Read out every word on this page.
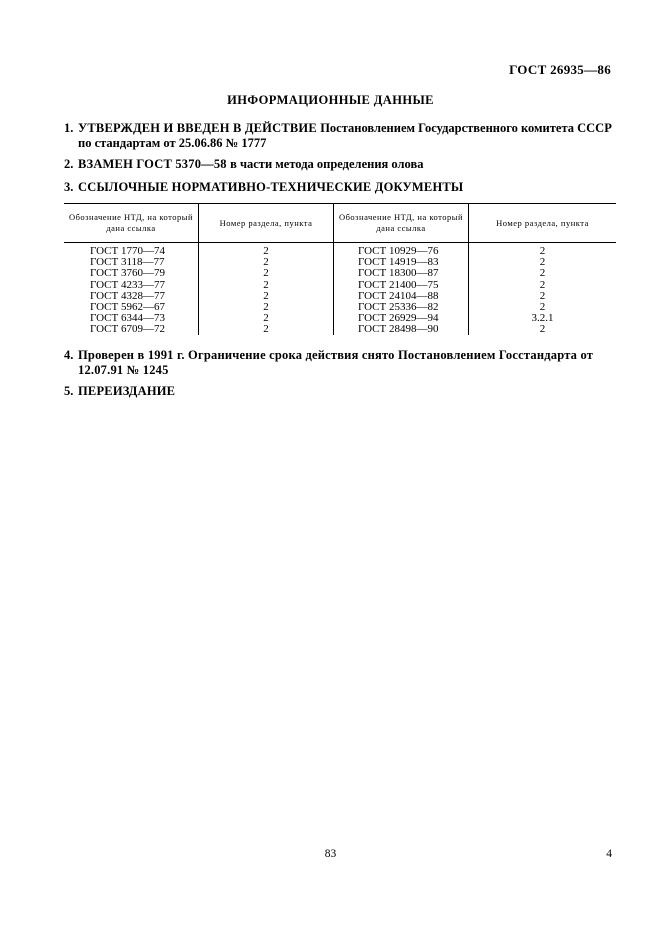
ГОСТ 26935—86
ИНФОРМАЦИОННЫЕ ДАННЫЕ
1. УТВЕРЖДЕН И ВВЕДЕН В ДЕЙСТВИЕ Постановлением Государственного комитета СССР по стандартам от 25.06.86 № 1777
2. ВЗАМЕН ГОСТ 5370—58 в части метода определения олова
3. ССЫЛОЧНЫЕ НОРМАТИВНО-ТЕХНИЧЕСКИЕ ДОКУМЕНТЫ
Обозначение НТД, на который дана ссылка
Номер раздела, пункта
Обозначение НТД, на который дана ссылка
Номер раздела, пункта
ГОСТ 1770—74
ГОСТ 3118—77
ГОСТ 3760—79
ГОСТ 4233—77
ГОСТ 4328—77
ГОСТ 5962—67
ГОСТ 6344—73
ГОСТ 6709—72
2
2
2
2
2
2
2
2
ГОСТ 10929—76
ГОСТ 14919—83
ГОСТ 18300—87
ГОСТ 21400—75
ГОСТ 24104—88
ГОСТ 25336—82
ГОСТ 26929—94
ГОСТ 28498—90
2
2
2
2
2
2
3.2.1
2
4. Проверен в 1991 г. Ограничение срока действия снято Постановлением Госстандарта от 12.07.91 № 1245
5. ПЕРЕИЗДАНИЕ
83	4
